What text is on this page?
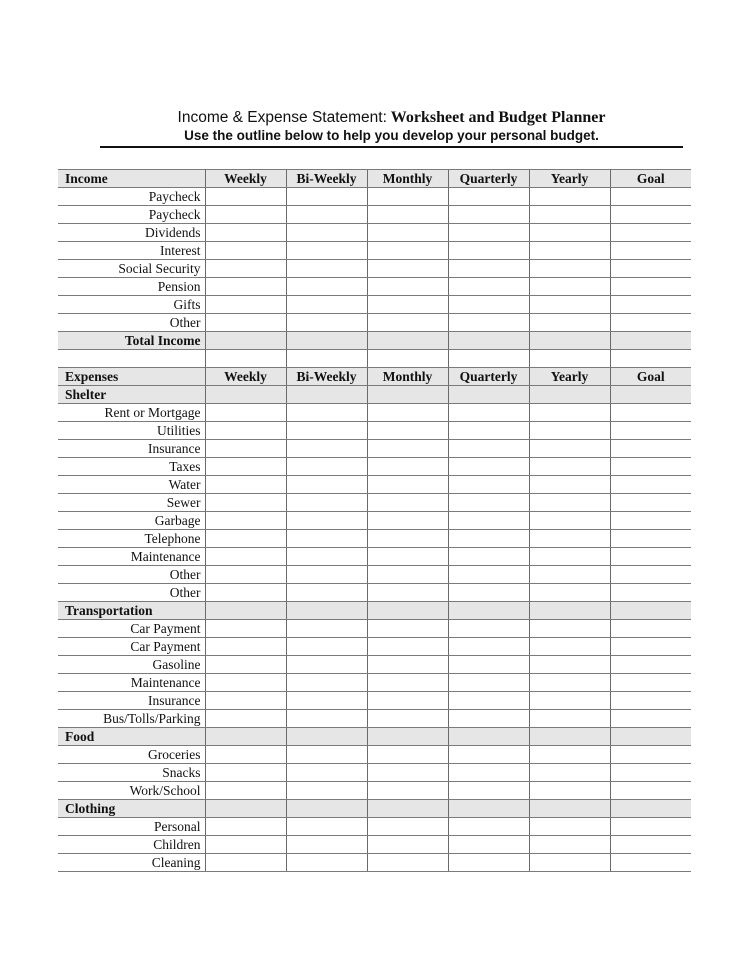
Income & Expense Statement: Worksheet and Budget Planner
Use the outline below to help you develop your personal budget.
Income	Weekly	Bi-Weekly	Monthly	Quarterly	Yearly	Goal
Paycheck						
Paycheck						
Dividends						
Interest						
Social Security						
Pension						
Gifts						
Other						
Total Income						

Expenses	Weekly	Bi-Weekly	Monthly	Quarterly	Yearly	Goal
Shelter						
Rent or Mortgage						
Utilities						
Insurance						
Taxes						
Water						
Sewer						
Garbage						
Telephone						
Maintenance						
Other						
Other						
Transportation						
Car Payment						
Car Payment						
Gasoline						
Maintenance						
Insurance						
Bus/Tolls/Parking						
Food						
Groceries						
Snacks						
Work/School						
Clothing						
Personal						
Children						
Cleaning						
